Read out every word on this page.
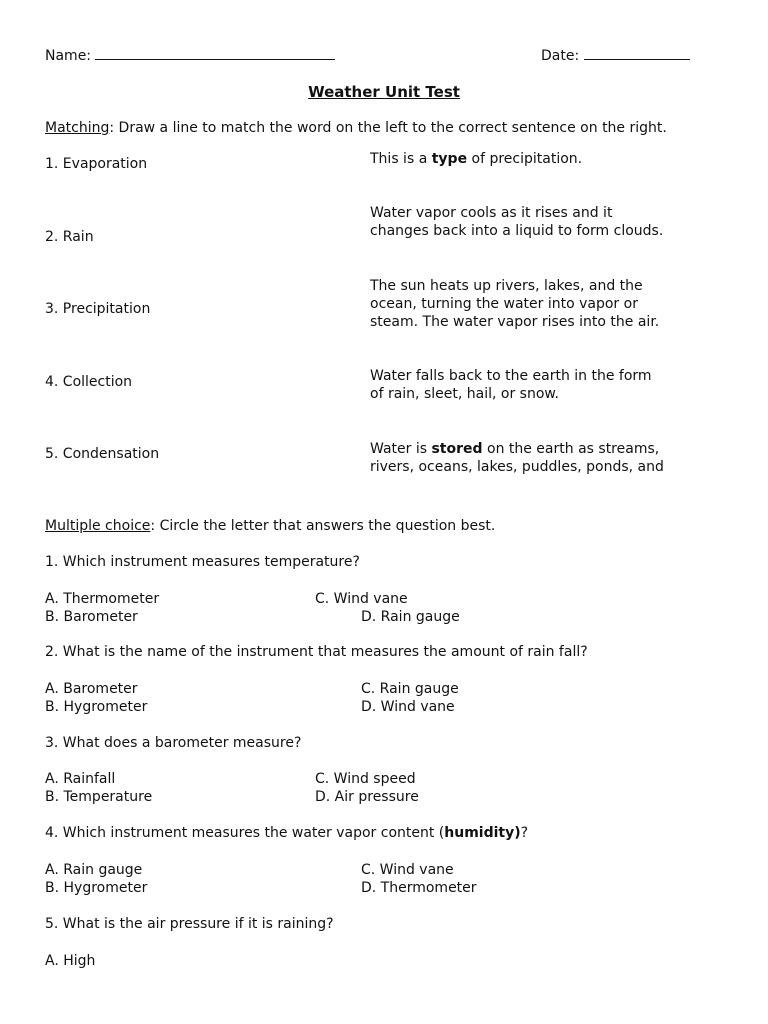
Name:	Date:
Weather Unit Test
Matching: Draw a line to match the word on the left to the correct sentence on the right.
1. Evaporation
2. Rain
3. Precipitation
4. Collection
5. Condensation
This is a type of precipitation.
Water vapor cools as it rises and it
changes back into a liquid to form clouds.
The sun heats up rivers, lakes, and the
ocean, turning the water into vapor or
steam. The water vapor rises into the air.
Water falls back to the earth in the form
of rain, sleet, hail, or snow.
Water is stored on the earth as streams,
rivers, oceans, lakes, puddles, ponds, and
Multiple choice: Circle the letter that answers the question best.
1. Which instrument measures temperature?
A. Thermometer
B. Barometer
C. Wind vane
D. Rain gauge
2. What is the name of the instrument that measures the amount of rain fall?
A. Barometer
B. Hygrometer
C. Rain gauge
D. Wind vane
3. What does a barometer measure?
A. Rainfall
B. Temperature
C. Wind speed
D. Air pressure
4. Which instrument measures the water vapor content (humidity)?
A. Rain gauge
B. Hygrometer
C. Wind vane
D. Thermometer
5. What is the air pressure if it is raining?
A. High
